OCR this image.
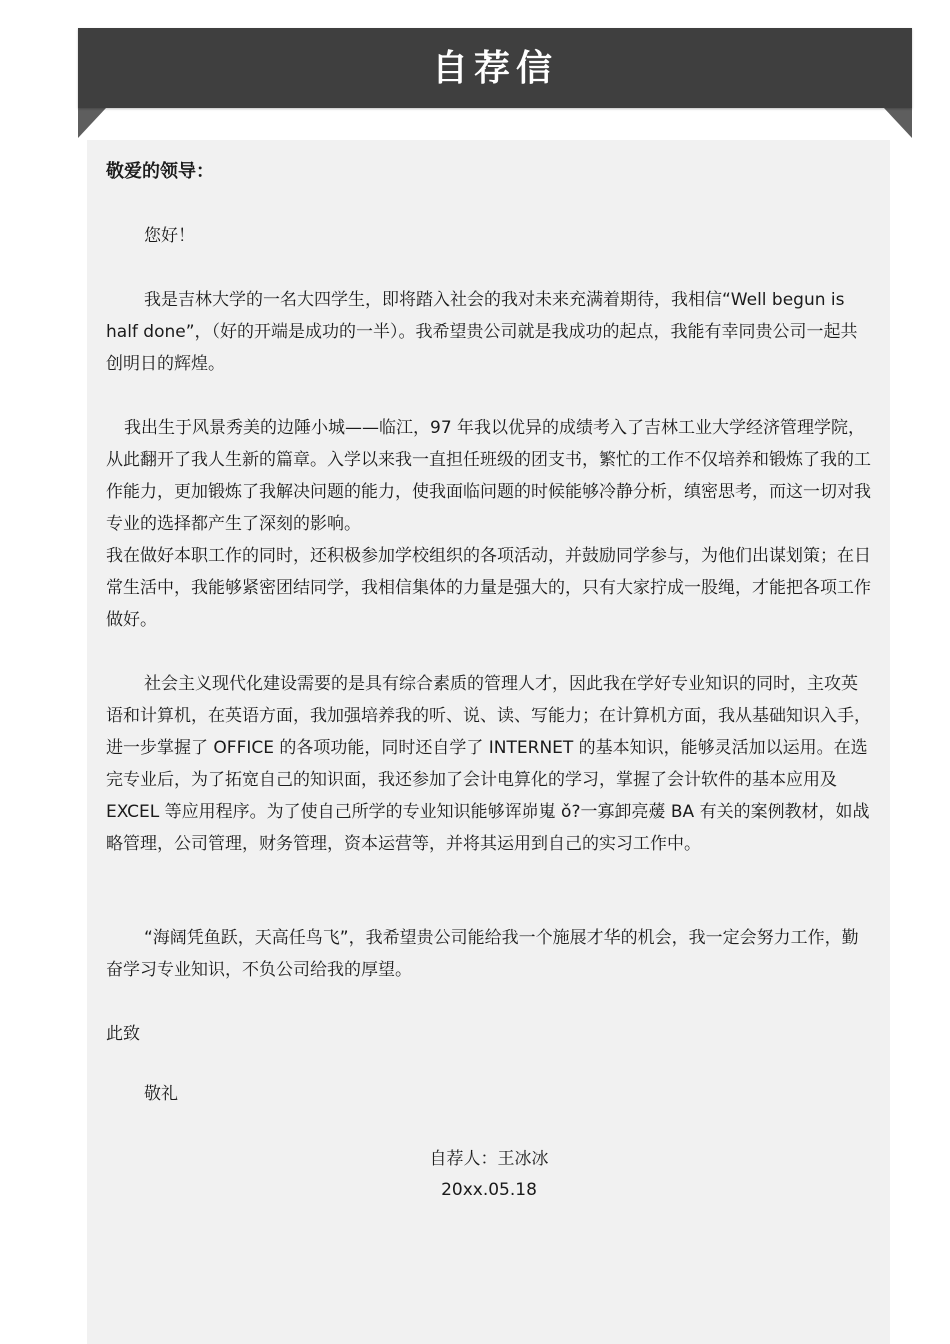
自荐信

敬爱的领导：

您好！

我是吉林大学的一名大四学生，即将踏入社会的我对未来充满着期待，我相信“Well begun is half done”，（好的开端是成功的一半）。我希望贵公司就是我成功的起点，我能有幸同贵公司一起共创明日的辉煌。

我出生于风景秀美的边陲小城——临江，97 年我以优异的成绩考入了吉林工业大学经济管理学院，从此翻开了我人生新的篇章。入学以来我一直担任班级的团支书，繁忙的工作不仅培养和锻炼了我的工作能力，更加锻炼了我解决问题的能力，使我面临问题的时候能够冷静分析，缜密思考，而这一切对我专业的选择都产生了深刻的影响。

我在做好本职工作的同时，还积极参加学校组织的各项活动，并鼓励同学参与，为他们出谋划策；在日常生活中，我能够紧密团结同学，我相信集体的力量是强大的，只有大家拧成一股绳，才能把各项工作做好。

社会主义现代化建设需要的是具有综合素质的管理人才，因此我在学好专业知识的同时，主攻英语和计算机，在英语方面，我加强培养我的听、说、读、写能力；在计算机方面，我从基础知识入手，进一步掌握了 OFFICE 的各项功能，同时还自学了 INTERNET 的基本知识，能够灵活加以运用。在选完专业后，为了拓宽自己的知识面，我还参加了会计电算化的学习，掌握了会计软件的基本应用及 EXCEL 等应用程序。为了使自己所学的专业知识能够诨峁嵬 ǒ?一寡卸亮蕿 BA 有关的案例教材，如战略管理，公司管理，财务管理，资本运营等，并将其运用到自己的实习工作中。

“海阔凭鱼跃，天高任鸟飞”，我希望贵公司能给我一个施展才华的机会，我一定会努力工作，勤奋学习专业知识，不负公司给我的厚望。

此致

敬礼

自荐人：王冰冰

20xx.05.18
